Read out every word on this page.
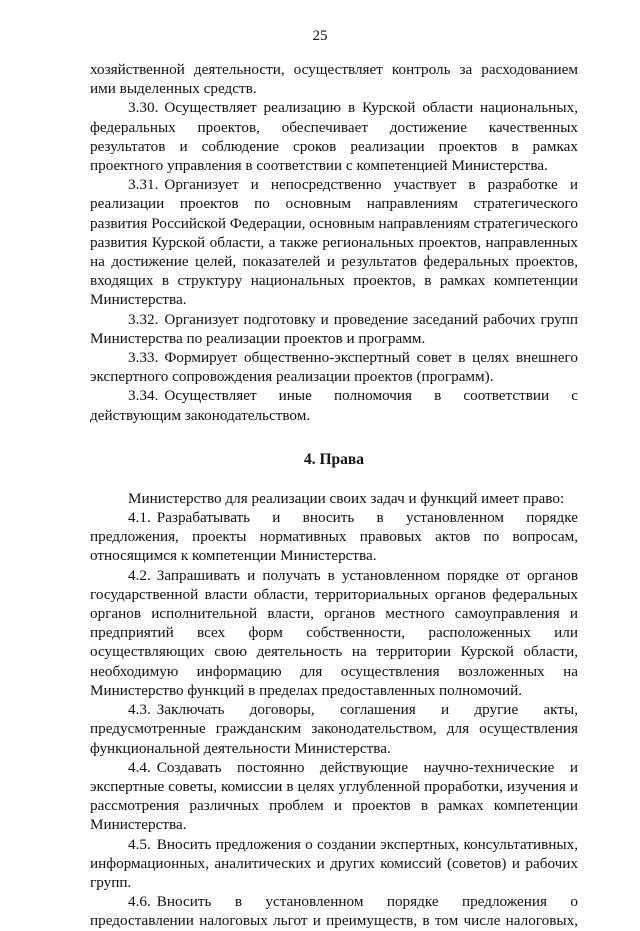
25

хозяйственной деятельности, осуществляет контроль за расходованием ими выделенных средств.

3.30. Осуществляет реализацию в Курской области национальных, федеральных проектов, обеспечивает достижение качественных результатов и соблюдение сроков реализации проектов в рамках проектного управления в соответствии с компетенцией Министерства.

3.31. Организует и непосредственно участвует в разработке и реализации проектов по основным направлениям стратегического развития Российской Федерации, основным направлениям стратегического развития Курской области, а также региональных проектов, направленных на достижение целей, показателей и результатов федеральных проектов, входящих в структуру национальных проектов, в рамках компетенции Министерства.

3.32. Организует подготовку и проведение заседаний рабочих групп Министерства по реализации проектов и программ.

3.33. Формирует общественно-экспертный совет в целях внешнего экспертного сопровождения реализации проектов (программ).

3.34. Осуществляет иные полномочия в соответствии с действующим законодательством.

4. Права

Министерство для реализации своих задач и функций имеет право:

4.1. Разрабатывать и вносить в установленном порядке предложения, проекты нормативных правовых актов по вопросам, относящимся к компетенции Министерства.

4.2. Запрашивать и получать в установленном порядке от органов государственной власти области, территориальных органов федеральных органов исполнительной власти, органов местного самоуправления и предприятий всех форм собственности, расположенных или осуществляющих свою деятельность на территории Курской области, необходимую информацию для осуществления возложенных на Министерство функций в пределах предоставленных полномочий.

4.3. Заключать договоры, соглашения и другие акты, предусмотренные гражданским законодательством, для осуществления функциональной деятельности Министерства.

4.4. Создавать постоянно действующие научно-технические и экспертные советы, комиссии в целях углубленной проработки, изучения и рассмотрения различных проблем и проектов в рамках компетенции Министерства.

4.5. Вносить предложения о создании экспертных, консультативных, информационных, аналитических и других комиссий (советов) и рабочих групп.

4.6. Вносить в установленном порядке предложения о предоставлении налоговых льгот и преимуществ, в том числе налоговых,
